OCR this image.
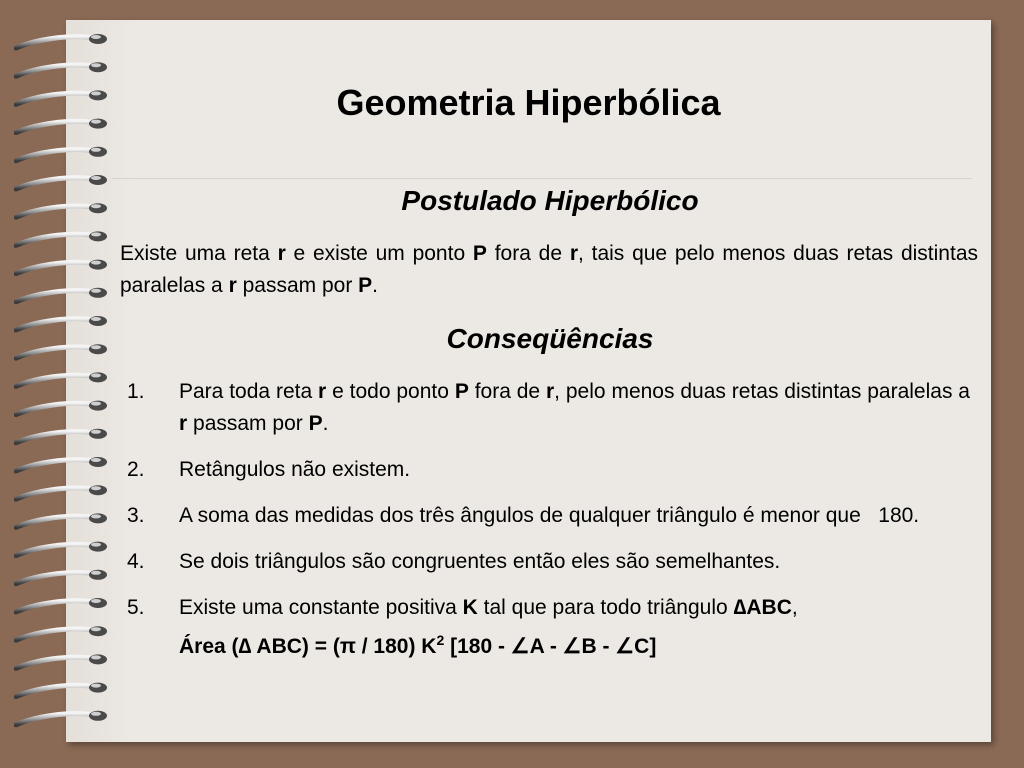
Geometria Hiperbólica
Postulado Hiperbólico

Existe uma reta r e existe um ponto P fora de r, tais que pelo menos duas retas distintas paralelas a r passam por P.

Conseqüências
1. Para toda reta r e todo ponto P fora de r, pelo menos duas retas distintas paralelas a r passam por P.
2. Retângulos não existem.
3. A soma das medidas dos três ângulos de qualquer triângulo é menor que   180.
4. Se dois triângulos são congruentes então eles são semelhantes.
5. Existe uma constante positiva K tal que para todo triângulo ∆ABC,
Área (∆ ABC) = (π / 180) $K^2$ [180 - ∠A - ∠B - ∠C]
